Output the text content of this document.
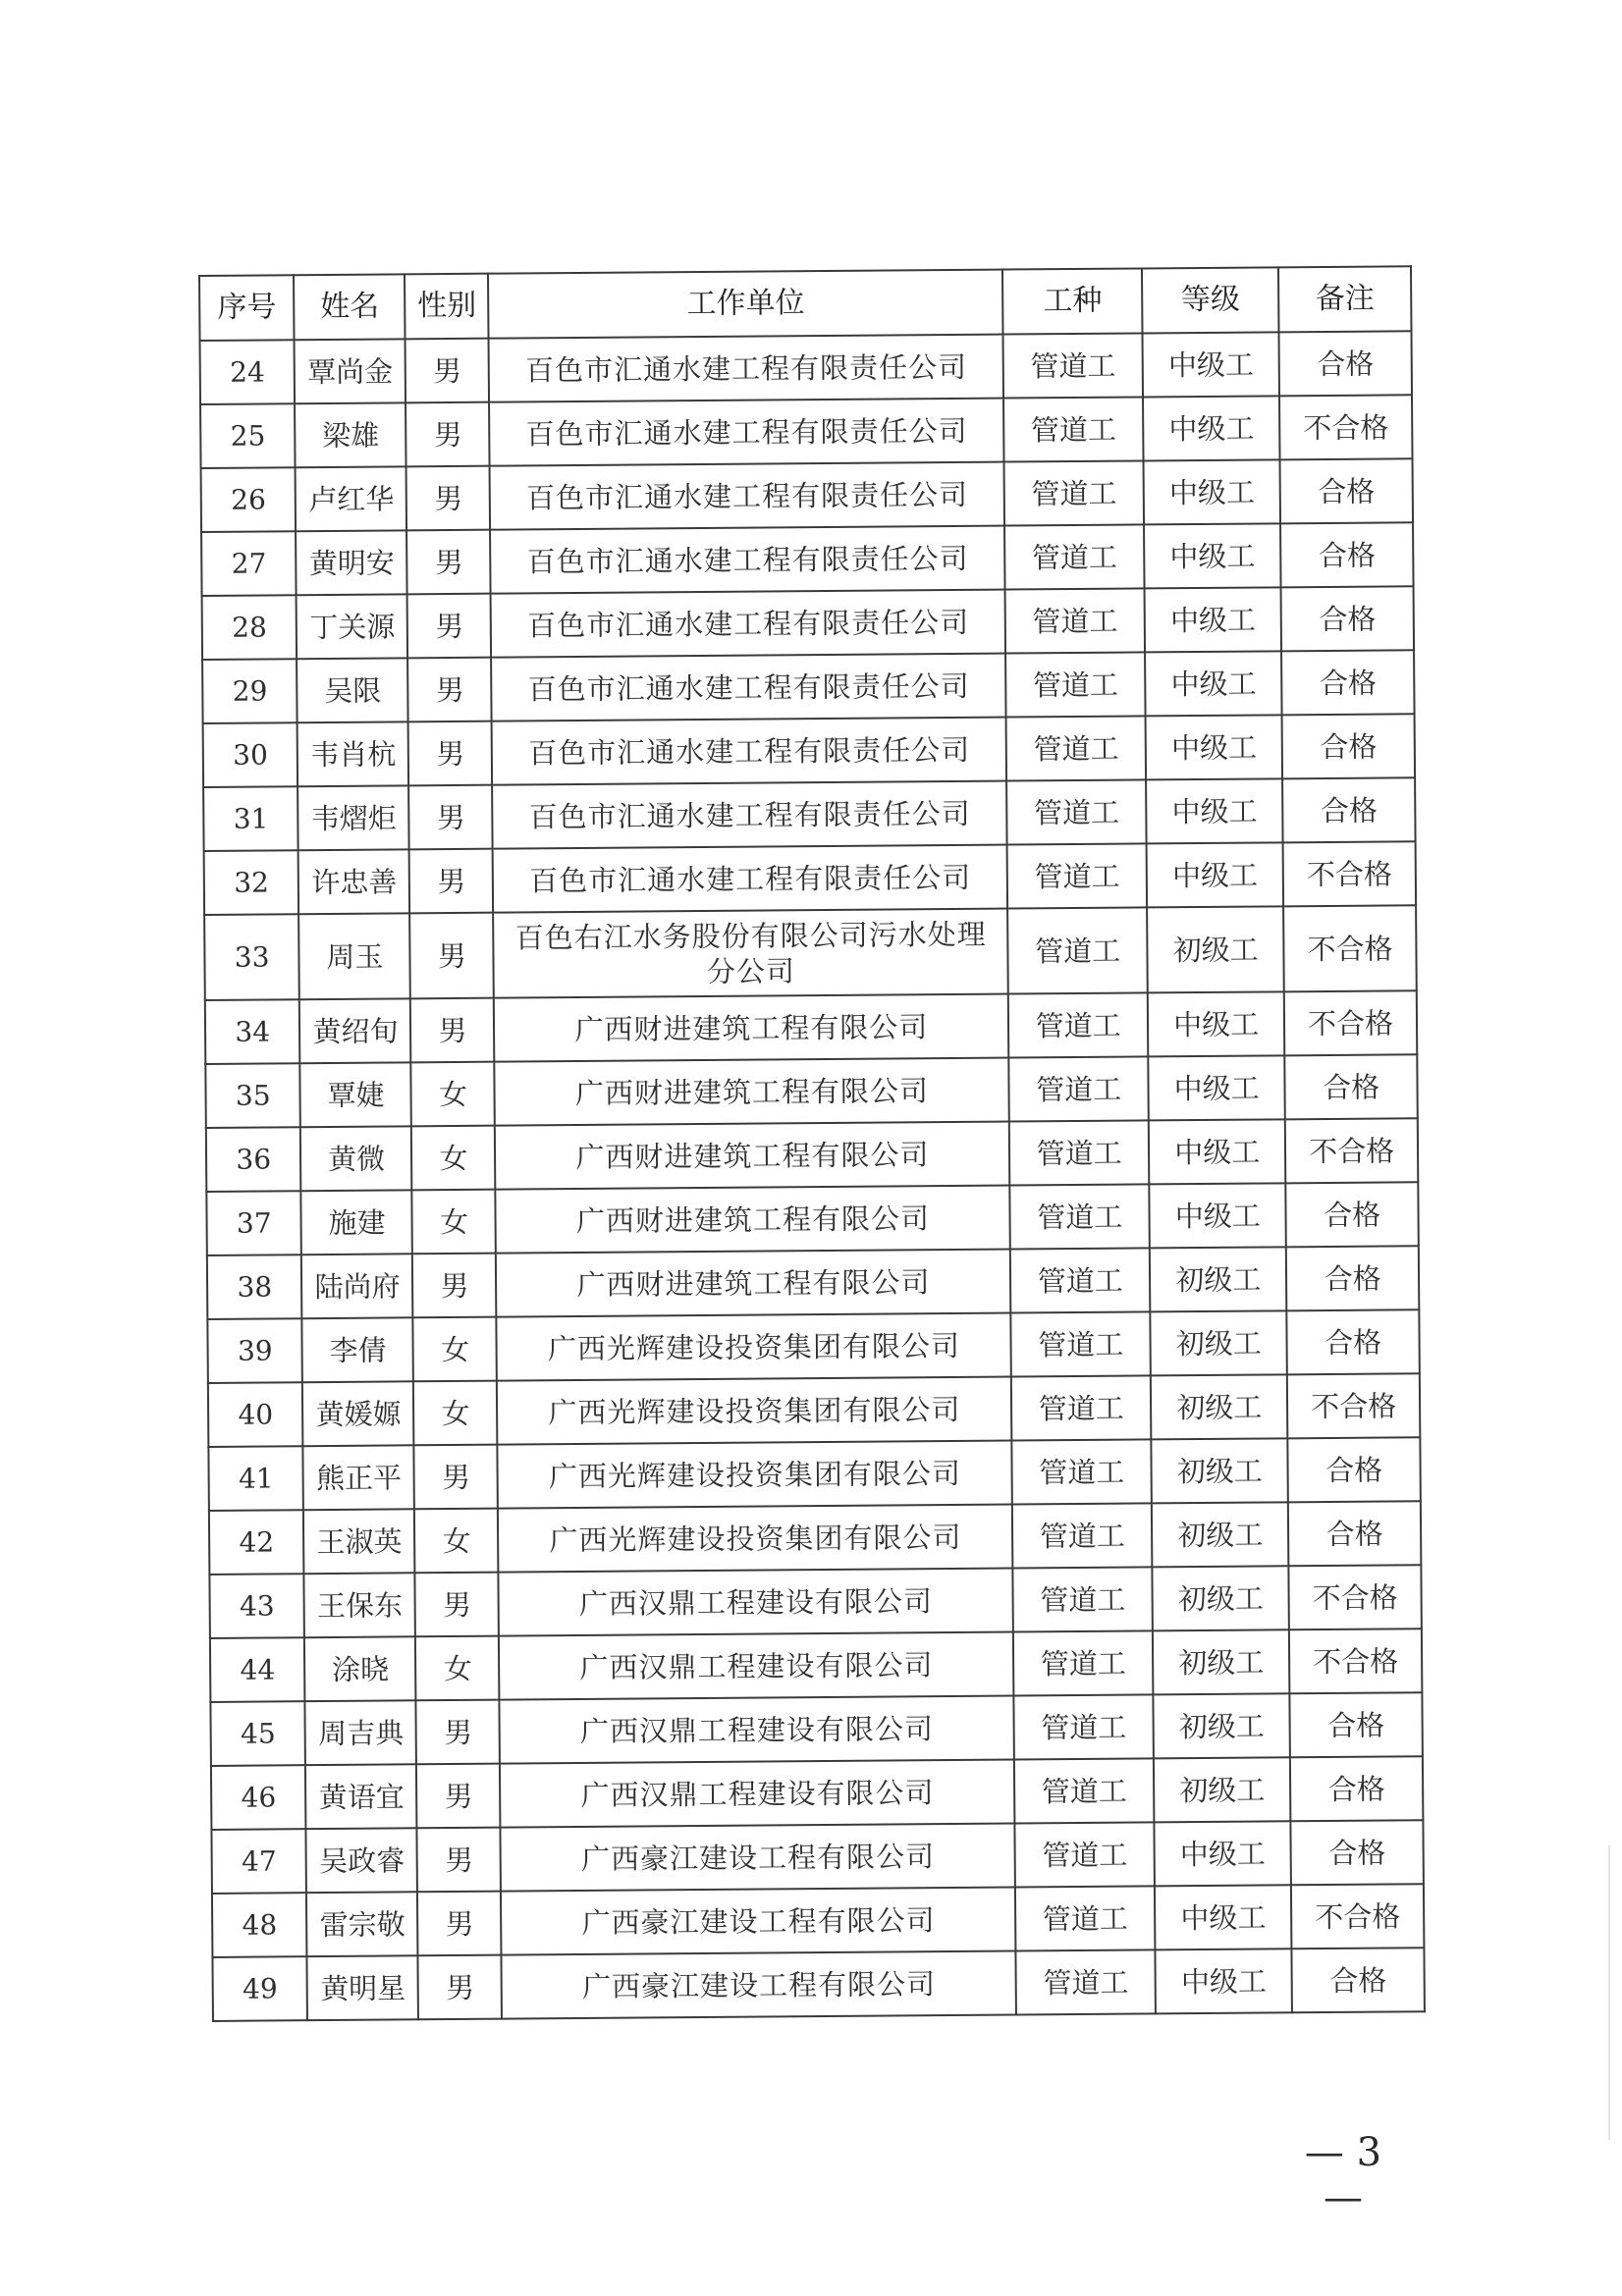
序号	姓名	性别	工作单位	工种	等级	备注
24	覃尚金	男	百色市汇通水建工程有限责任公司	管道工	中级工	合格
25	梁雄	男	百色市汇通水建工程有限责任公司	管道工	中级工	不合格
26	卢红华	男	百色市汇通水建工程有限责任公司	管道工	中级工	合格
27	黄明安	男	百色市汇通水建工程有限责任公司	管道工	中级工	合格
28	丁关源	男	百色市汇通水建工程有限责任公司	管道工	中级工	合格
29	吴限	男	百色市汇通水建工程有限责任公司	管道工	中级工	合格
30	韦肖杭	男	百色市汇通水建工程有限责任公司	管道工	中级工	合格
31	韦熠炬	男	百色市汇通水建工程有限责任公司	管道工	中级工	合格
32	许忠善	男	百色市汇通水建工程有限责任公司	管道工	中级工	不合格
33	周玉	男	百色右江水务股份有限公司污水处理分公司	管道工	初级工	不合格
34	黄绍旬	男	广西财进建筑工程有限公司	管道工	中级工	不合格
35	覃婕	女	广西财进建筑工程有限公司	管道工	中级工	合格
36	黄微	女	广西财进建筑工程有限公司	管道工	中级工	不合格
37	施建	女	广西财进建筑工程有限公司	管道工	中级工	合格
38	陆尚府	男	广西财进建筑工程有限公司	管道工	初级工	合格
39	李倩	女	广西光辉建设投资集团有限公司	管道工	初级工	合格
40	黄媛嫄	女	广西光辉建设投资集团有限公司	管道工	初级工	不合格
41	熊正平	男	广西光辉建设投资集团有限公司	管道工	初级工	合格
42	王淑英	女	广西光辉建设投资集团有限公司	管道工	初级工	合格
43	王保东	男	广西汉鼎工程建设有限公司	管道工	初级工	不合格
44	涂晓	女	广西汉鼎工程建设有限公司	管道工	初级工	不合格
45	周吉典	男	广西汉鼎工程建设有限公司	管道工	初级工	合格
46	黄语宜	男	广西汉鼎工程建设有限公司	管道工	初级工	合格
47	吴政睿	男	广西豪江建设工程有限公司	管道工	中级工	合格
48	雷宗敬	男	广西豪江建设工程有限公司	管道工	中级工	不合格
49	黄明星	男	广西豪江建设工程有限公司	管道工	中级工	合格
— 3 —
